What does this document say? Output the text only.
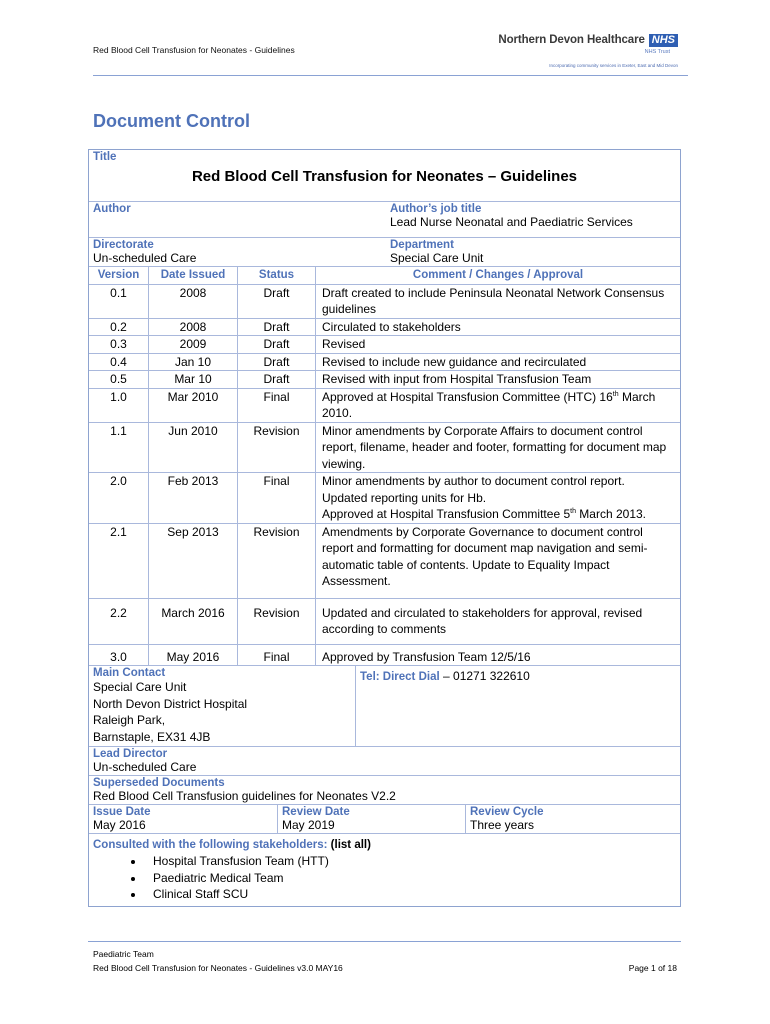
Red Blood Cell Transfusion for Neonates - Guidelines
Northern Devon Healthcare NHS
NHS Trust
Incorporating community services in Exeter, East and Mid Devon
Document Control
Title
Red Blood Cell Transfusion for Neonates – Guidelines
Author	Author’s job title
Lead Nurse Neonatal and Paediatric Services
Directorate
Un-scheduled Care
Department
Special Care Unit
Version	Date Issued	Status	Comment / Changes / Approval
0.1	2008	Draft	Draft created to include Peninsula Neonatal Network Consensus guidelines
0.2	2008	Draft	Circulated to stakeholders
0.3	2009	Draft	Revised
0.4	Jan 10	Draft	Revised to include new guidance and recirculated
0.5	Mar 10	Draft	Revised with input from Hospital Transfusion Team
1.0	Mar 2010	Final	Approved at Hospital Transfusion Committee (HTC) 16th March 2010.
1.1	Jun 2010	Revision	Minor amendments by Corporate Affairs to document control report, filename, header and footer, formatting for document map viewing.
2.0	Feb 2013	Final	Minor amendments by author to document control report.
Updated reporting units for Hb.
Approved at Hospital Transfusion Committee 5th March 2013.

2.1	Sep 2013	Revision	Amendments by Corporate Governance to document control report and formatting for document map navigation and semi-automatic table of contents. Update to Equality Impact Assessment.
2.2	March 2016	Revision	Updated and circulated to stakeholders for approval, revised according to comments
3.0	May 2016	Final	Approved by Transfusion Team 12/5/16
Main Contact
Special Care Unit
North Devon District Hospital
Raleigh Park,
Barnstaple, EX31 4JB
Tel: Direct Dial – 01271 322610
Lead Director
Un-scheduled Care
Superseded Documents
Red Blood Cell Transfusion guidelines for Neonates V2.2
Issue Date
May 2016
Review Date
May 2019
Review Cycle
Three years
Consulted with the following stakeholders: (list all)
• Hospital Transfusion Team (HTT)
• Paediatric Medical Team
• Clinical Staff SCU
Paediatric Team
Red Blood Cell Transfusion for Neonates - Guidelines v3.0 MAY16	Page 1 of 18
